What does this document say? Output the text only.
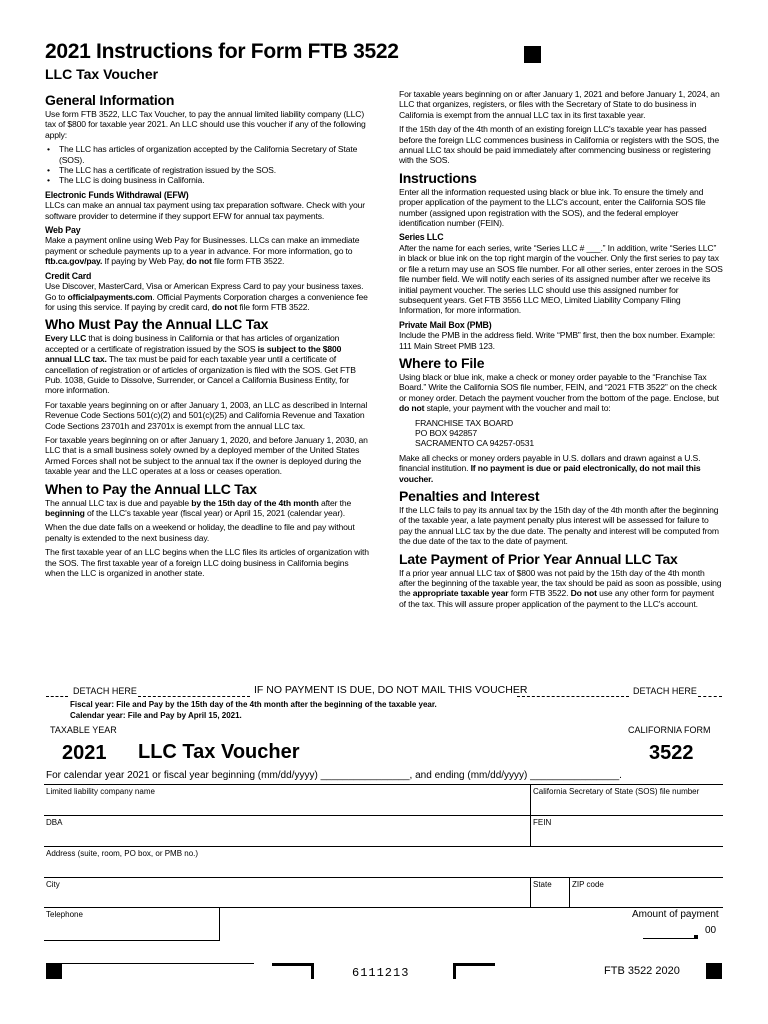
2021 Instructions for Form FTB 3522
LLC Tax Voucher
General Information

Use form FTB 3522, LLC Tax Voucher, to pay the annual limited liability company (LLC) tax of $800 for taxable year 2021. An LLC should use this voucher if any of the following apply:

• The LLC has articles of organization accepted by the California Secretary of State (SOS).
• The LLC has a certificate of registration issued by the SOS.
• The LLC is doing business in California.
Electronic Funds Withdrawal (EFW)

LLCs can make an annual tax payment using tax preparation software. Check with your software provider to determine if they support EFW for annual tax payments.

Web Pay

Make a payment online using Web Pay for Businesses. LLCs can make an immediate payment or schedule payments up to a year in advance. For more information, go to ftb.ca.gov/pay. If paying by Web Pay, do not file form FTB 3522.

Credit Card

Use Discover, MasterCard, Visa or American Express Card to pay your business taxes. Go to officialpayments.com. Official Payments Corporation charges a convenience fee for using this service. If paying by credit card, do not file form FTB 3522.

Who Must Pay the Annual LLC Tax

Every LLC that is doing business in California or that has articles of organization accepted or a certificate of registration issued by the SOS is subject to the $800 annual LLC tax. The tax must be paid for each taxable year until a certificate of cancellation of registration or of articles of organization is filed with the SOS. Get FTB Pub. 1038, Guide to Dissolve, Surrender, or Cancel a California Business Entity, for more information.

For taxable years beginning on or after January 1, 2003, an LLC as described in Internal Revenue Code Sections 501(c)(2) and 501(c)(25) and California Revenue and Taxation Code Sections 23701h and 23701x is exempt from the annual LLC tax.

For taxable years beginning on or after January 1, 2020, and before January 1, 2030, an LLC that is a small business solely owned by a deployed member of the United States Armed Forces shall not be subject to the annual tax if the owner is deployed during the taxable year and the LLC operates at a loss or ceases operation.

When to Pay the Annual LLC Tax

The annual LLC tax is due and payable by the 15th day of the 4th month after the beginning of the LLC's taxable year (fiscal year) or April 15, 2021 (calendar year).

When the due date falls on a weekend or holiday, the deadline to file and pay without penalty is extended to the next business day.

The first taxable year of an LLC begins when the LLC files its articles of organization with the SOS. The first taxable year of a foreign LLC doing business in California begins when the LLC is organized in another state.

For taxable years beginning on or after January 1, 2021 and before January 1, 2024, an LLC that organizes, registers, or files with the Secretary of State to do business in California is exempt from the annual LLC tax in its first taxable year.

If the 15th day of the 4th month of an existing foreign LLC's taxable year has passed before the foreign LLC commences business in California or registers with the SOS, the annual LLC tax should be paid immediately after commencing business or registering with the SOS.

Instructions

Enter all the information requested using black or blue ink. To ensure the timely and proper application of the payment to the LLC's account, enter the California SOS file number (assigned upon registration with the SOS), and the federal employer identification number (FEIN).

Series LLC

After the name for each series, write “Series LLC # ___.” In addition, write “Series LLC” in black or blue ink on the top right margin of the voucher. Only the first series to pay tax or file a return may use an SOS file number. For all other series, enter zeroes in the SOS file number field. We will notify each series of its assigned number after we receive its initial payment voucher. The series LLC should use this assigned number for subsequent years. Get FTB 3556 LLC MEO, Limited Liability Company Filing Information, for more information.

Private Mail Box (PMB)

Include the PMB in the address field. Write “PMB” first, then the box number. Example: 111 Main Street PMB 123.

Where to File

Using black or blue ink, make a check or money order payable to the “Franchise Tax Board.” Write the California SOS file number, FEIN, and “2021 FTB 3522” on the check or money order. Detach the payment voucher from the bottom of the page. Enclose, but do not staple, your payment with the voucher and mail to:

FRANCHISE TAX BOARD
PO BOX 942857
SACRAMENTO CA 94257-0531

Make all checks or money orders payable in U.S. dollars and drawn against a U.S. financial institution. If no payment is due or paid electronically, do not mail this voucher.

Penalties and Interest

If the LLC fails to pay its annual tax by the 15th day of the 4th month after the beginning of the taxable year, a late payment penalty plus interest will be assessed for failure to pay the annual LLC tax by the due date. The penalty and interest will be computed from the due date of the tax to the date of payment.

Late Payment of Prior Year Annual LLC Tax

If a prior year annual LLC tax of $800 was not paid by the 15th day of the 4th month after the beginning of the taxable year, the tax should be paid as soon as possible, using the appropriate taxable year form FTB 3522. Do not use any other form for payment of the tax. This will assure proper application of the payment to the LLC's account.

DETACH HERE	IF NO PAYMENT IS DUE, DO NOT MAIL THIS VOUCHER	DETACH HERE
Fiscal year: File and Pay by the 15th day of the 4th month after the beginning of the taxable year.
Calendar year: File and Pay by April 15, 2021.
TAXABLE YEAR	CALIFORNIA FORM
2021 LLC Tax Voucher	3522
For calendar year 2021 or fiscal year beginning (mm/dd/yyyy) ________________, and ending (mm/dd/yyyy) ________________.
Limited liability company name	California Secretary of State (SOS) file number
DBA	FEIN
Address (suite, room, PO box, or PMB no.)
City	State	ZIP code
Telephone	Amount of payment
00
6111213	FTB 3522 2020
